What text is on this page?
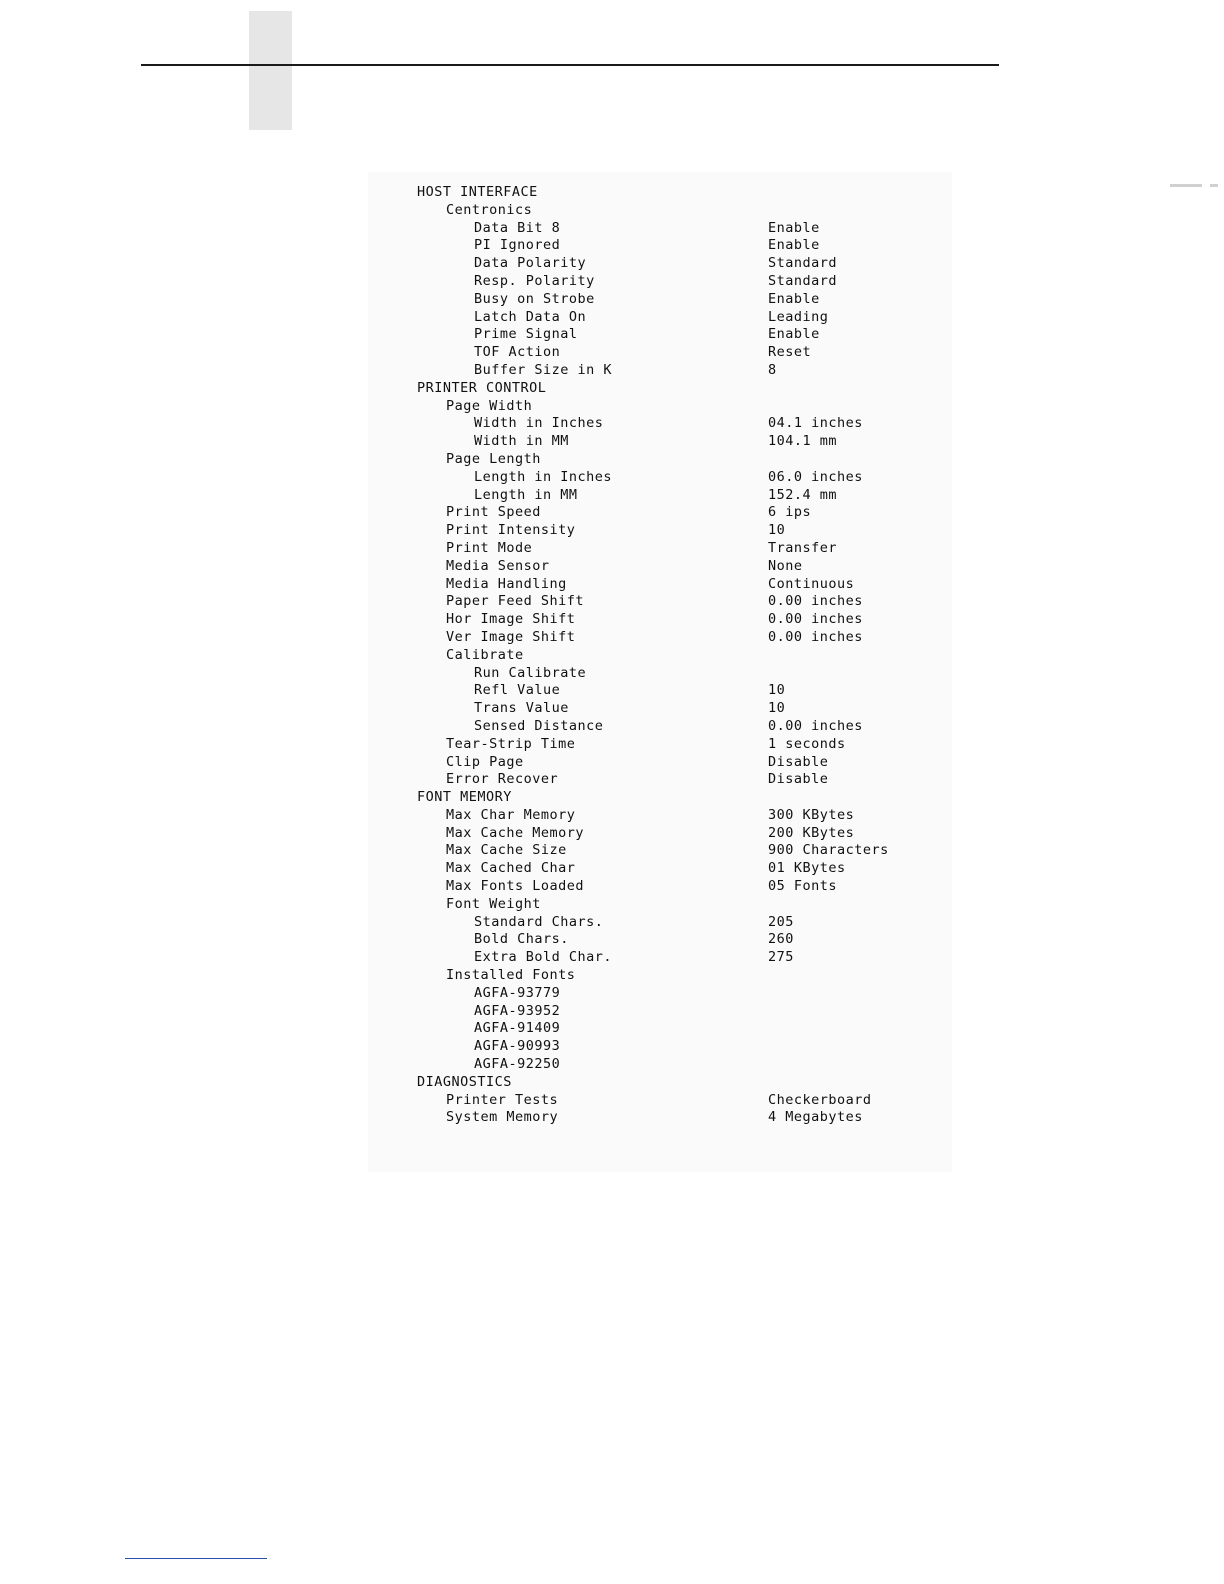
HOST INTERFACE
Centronics
Data Bit 8	Enable
PI Ignored	Enable
Data Polarity	Standard
Resp. Polarity	Standard
Busy on Strobe	Enable
Latch Data On	Leading
Prime Signal	Enable
TOF Action	Reset
Buffer Size in K	8
PRINTER CONTROL
Page Width
Width in Inches	04.1 inches
Width in MM	104.1 mm
Page Length
Length in Inches	06.0 inches
Length in MM	152.4 mm
Print Speed	6 ips
Print Intensity	10
Print Mode	Transfer
Media Sensor	None
Media Handling	Continuous
Paper Feed Shift	0.00 inches
Hor Image Shift	0.00 inches
Ver Image Shift	0.00 inches
Calibrate
Run Calibrate
Refl Value	10
Trans Value	10
Sensed Distance	0.00 inches
Tear-Strip Time	1 seconds
Clip Page	Disable
Error Recover	Disable
FONT MEMORY
Max Char Memory	300 KBytes
Max Cache Memory	200 KBytes
Max Cache Size	900 Characters
Max Cached Char	01 KBytes
Max Fonts Loaded	05 Fonts
Font Weight
Standard Chars.	205
Bold Chars.	260
Extra Bold Char.	275
Installed Fonts
AGFA-93779
AGFA-93952
AGFA-91409
AGFA-90993
AGFA-92250
DIAGNOSTICS
Printer Tests	Checkerboard
System Memory	4 Megabytes
